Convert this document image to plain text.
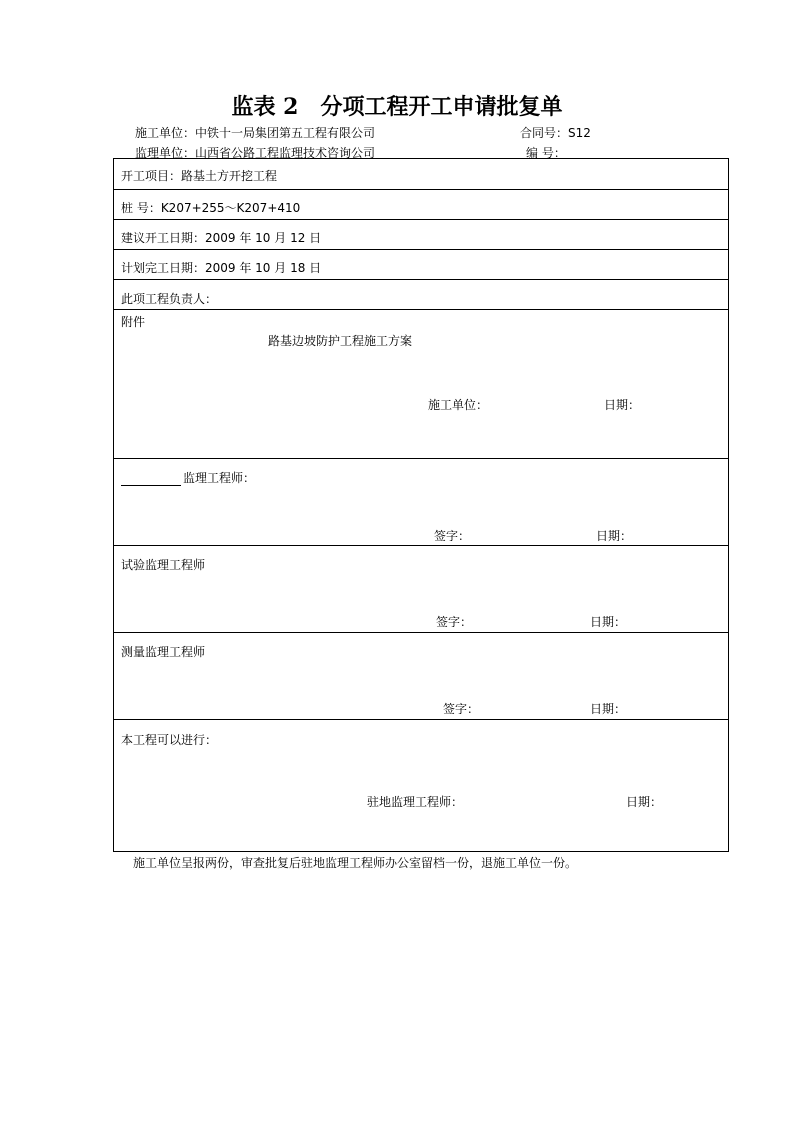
监表 2　分项工程开工申请批复单
施工单位：中铁十一局集团第五工程有限公司	合同号：S12
监理单位：山西省公路工程监理技术咨询公司	编 号：
开工项目：路基土方开挖工程
桩 号：K207+255～K207+410
建议开工日期：2009 年 10 月 12 日
计划完工日期：2009 年 10 月 18 日
此项工程负责人：
附件
路基边坡防护工程施工方案
施工单位：	日期：
监理工程师：
签字：	日期：
试验监理工程师
签字：	日期：
测量监理工程师
签字：	日期：
本工程可以进行：
驻地监理工程师：	日期：
施工单位呈报两份，审查批复后驻地监理工程师办公室留档一份，退施工单位一份。
